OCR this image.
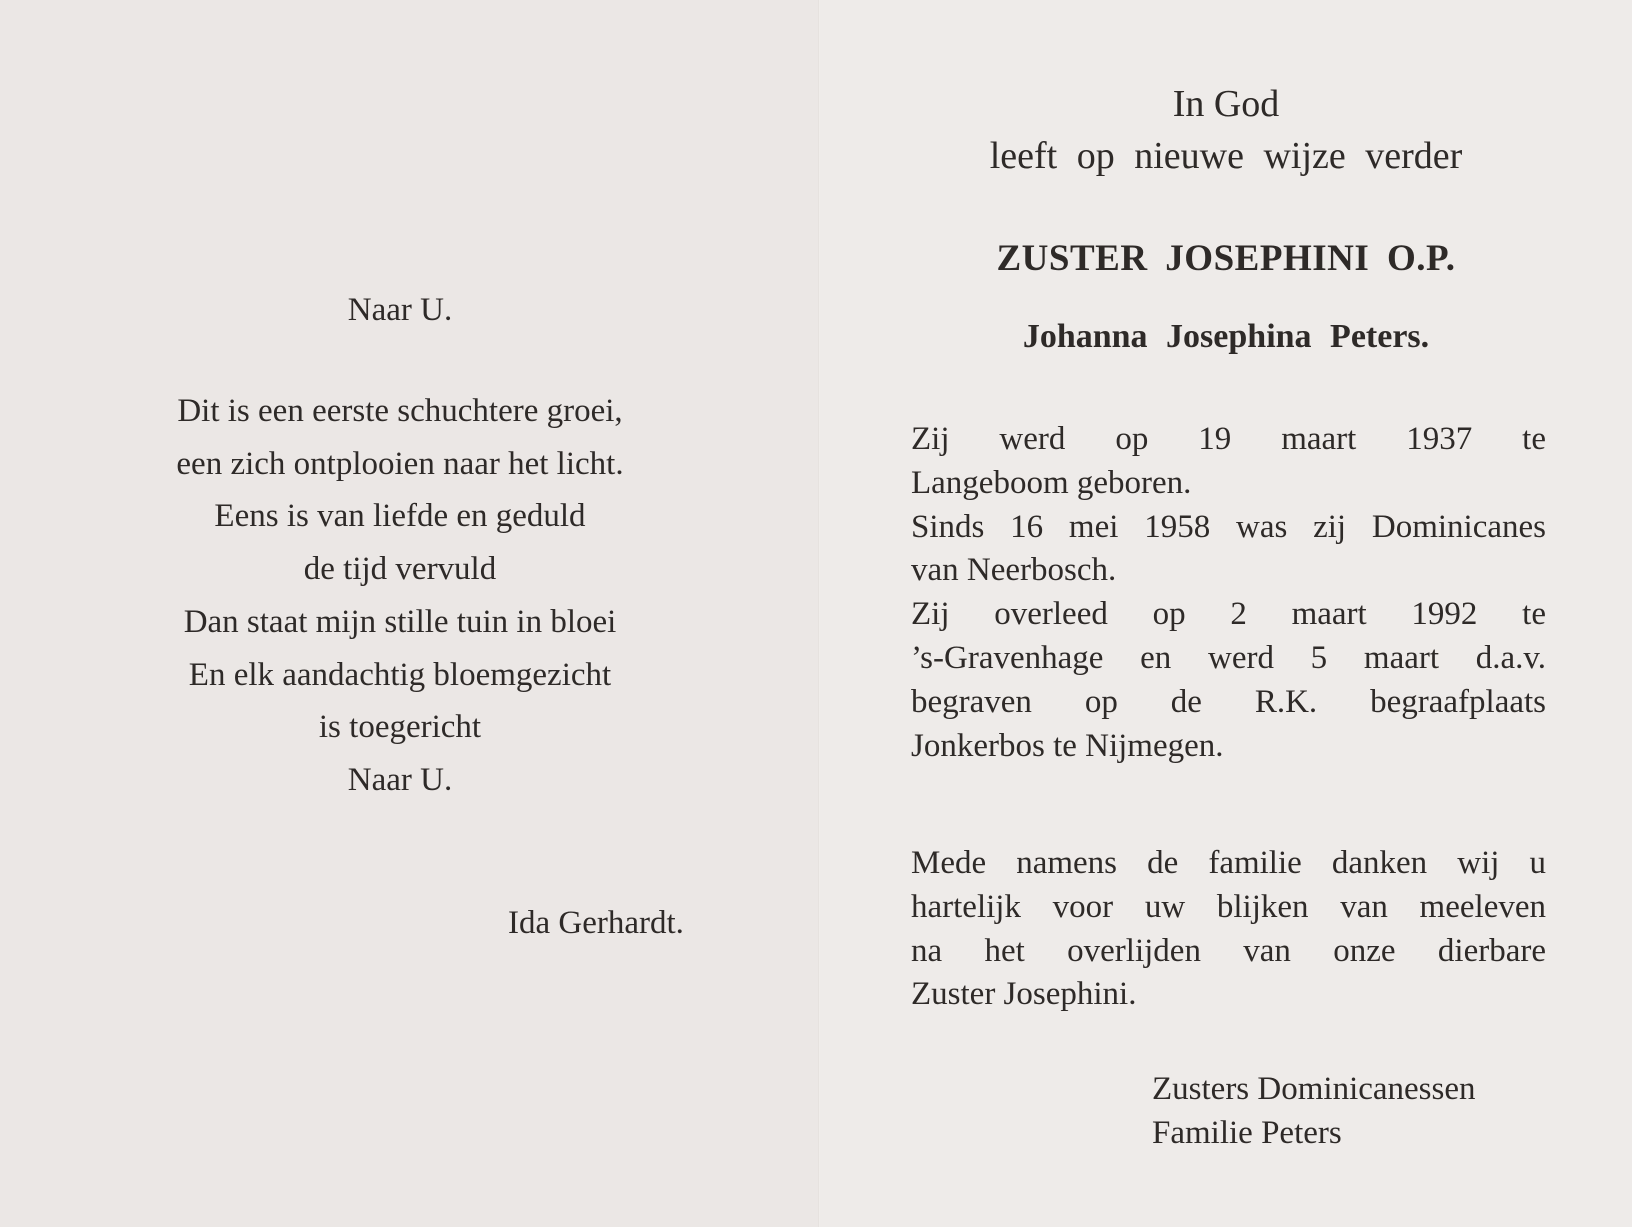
Naar U.
Dit is een eerste schuchtere groei,
een zich ontplooien naar het licht.
Eens is van liefde en geduld
de tijd vervuld
Dan staat mijn stille tuin in bloei
En elk aandachtig bloemgezicht
is toegericht
Naar U.
Ida Gerhardt.
In God
leeft op nieuwe wijze verder
ZUSTER JOSEPHINI O.P.
Johanna Josephina Peters.
Zij werd op 19 maart 1937 te
Langeboom geboren.
Sinds 16 mei 1958 was zij Dominicanes
van Neerbosch.
Zij overleed op 2 maart 1992 te
’s-Gravenhage en werd 5 maart d.a.v.
begraven op de R.K. begraafplaats
Jonkerbos te Nijmegen.
Mede namens de familie danken wij u
hartelijk voor uw blijken van meeleven
na het overlijden van onze dierbare
Zuster Josephini.
Zusters Dominicanessen
Familie Peters
